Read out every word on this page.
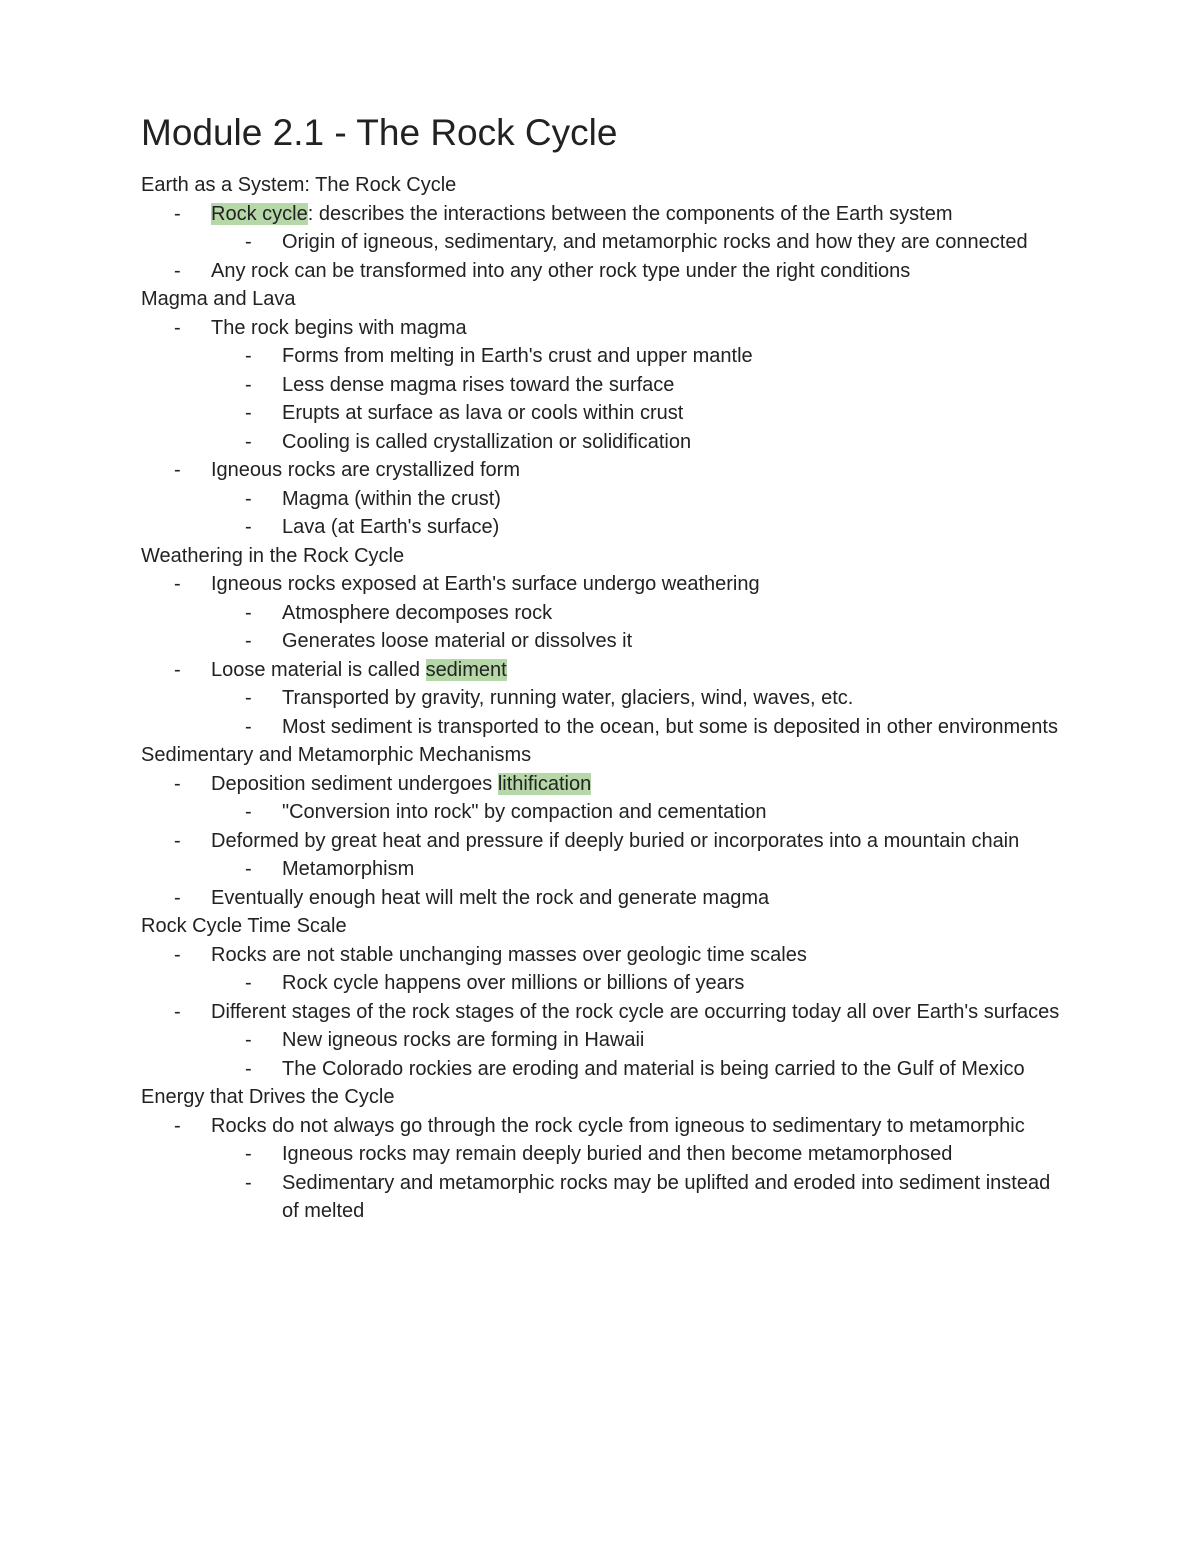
Module 2.1 - The Rock Cycle
Earth as a System: The Rock Cycle
- Rock cycle: describes the interactions between the components of the Earth system
- Origin of igneous, sedimentary, and metamorphic rocks and how they are connected
- Any rock can be transformed into any other rock type under the right conditions
Magma and Lava
- The rock begins with magma
- Forms from melting in Earth's crust and upper mantle
- Less dense magma rises toward the surface
- Erupts at surface as lava or cools within crust
- Cooling is called crystallization or solidification
- Igneous rocks are crystallized form
- Magma (within the crust)
- Lava (at Earth's surface)
Weathering in the Rock Cycle
- Igneous rocks exposed at Earth's surface undergo weathering
- Atmosphere decomposes rock
- Generates loose material or dissolves it
- Loose material is called sediment
- Transported by gravity, running water, glaciers, wind, waves, etc.
- Most sediment is transported to the ocean, but some is deposited in other environments
Sedimentary and Metamorphic Mechanisms
- Deposition sediment undergoes lithification
- "Conversion into rock" by compaction and cementation
- Deformed by great heat and pressure if deeply buried or incorporates into a mountain chain
- Metamorphism
- Eventually enough heat will melt the rock and generate magma
Rock Cycle Time Scale
- Rocks are not stable unchanging masses over geologic time scales
- Rock cycle happens over millions or billions of years
- Different stages of the rock stages of the rock cycle are occurring today all over Earth's surfaces
- New igneous rocks are forming in Hawaii
- The Colorado rockies are eroding and material is being carried to the Gulf of Mexico
Energy that Drives the Cycle
- Rocks do not always go through the rock cycle from igneous to sedimentary to metamorphic
- Igneous rocks may remain deeply buried and then become metamorphosed
- Sedimentary and metamorphic rocks may be uplifted and eroded into sediment instead of melted
